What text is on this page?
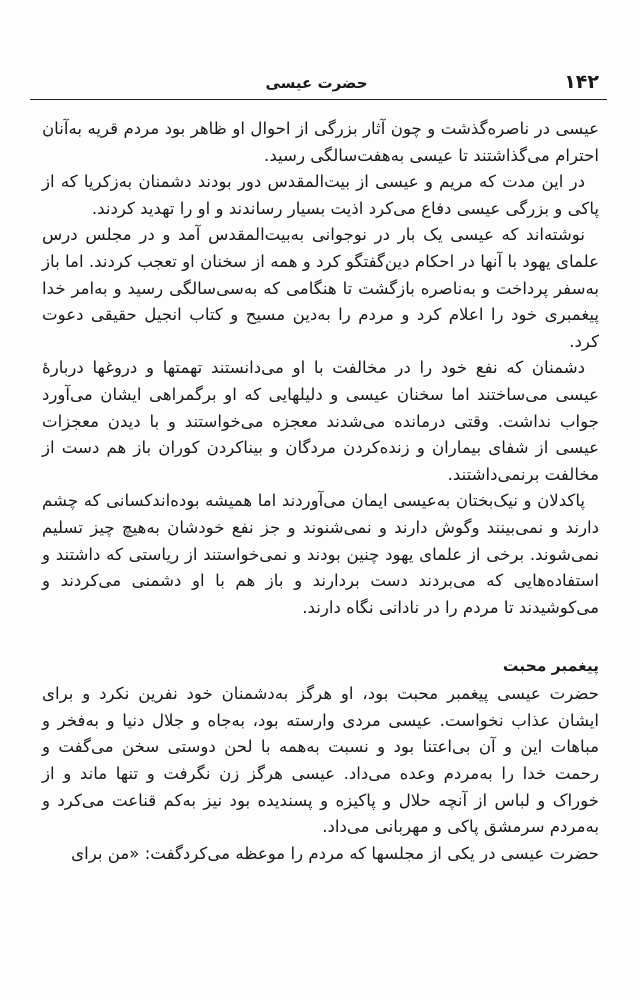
۱۴۲
حضرت عیسی

عیسی در ناصره‌گذشت و چون آثار بزرگی از احوال او ظاهر بود مردم قریه به‌آنان احترام می‌گذاشتند تا عیسی به‌هفت‌سالگی رسید.

در این مدت که مریم و عیسی از بیت‌المقدس دور بودند دشمنان به‌زکریا که از پاکی و بزرگی عیسی دفاع می‌کرد اذیت بسیار رساندند و او را تهدید کردند.

نوشته‌اند که عیسی یک بار در نوجوانی به‌بیت‌المقدس آمد و در مجلس درس علمای یهود با آنها در احکام دین‌گفتگو کرد و همه از سخنان او تعجب کردند. اما باز به‌سفر پرداخت و به‌ناصره بازگشت تا هنگامی که به‌سی‌سالگی رسید و به‌امر خدا پیغمبری خود را اعلام کرد و مردم را به‌دین مسیح و کتاب انجیل حقیقی دعوت کرد.

دشمنان که نفع خود را در مخالفت با او می‌دانستند تهمتها و دروغها دربارهٔ عیسی می‌ساختند اما سخنان عیسی و دلیلهایی که او برگمراهی ایشان می‌آورد جواب نداشت. وقتی درمانده می‌شدند معجزه می‌خواستند و با دیدن معجزات عیسی از شفای بیماران و زنده‌کردن مردگان و بیناکردن کوران باز هم دست از مخالفت برنمی‌داشتند.

پاکدلان و نیک‌بختان به‌عیسی ایمان می‌آوردند اما همیشه بوده‌اندکسانی که چشم دارند و نمی‌بینند وگوش دارند و نمی‌شنوند و جز نفع خودشان به‌هیچ چیز تسلیم نمی‌شوند. برخی از علمای یهود چنین بودند و نمی‌خواستند از ریاستی که داشتند و استفاده‌هایی که می‌بردند دست بردارند و باز هم با او دشمنی می‌کردند و می‌کوشیدند تا مردم را در نادانی نگاه دارند.

پیغمبر محبت

حضرت عیسی پیغمبر محبت بود، او هرگز به‌دشمنان خود نفرین نکرد و برای ایشان عذاب نخواست. عیسی مردی وارسته بود، به‌جاه و جلال دنیا و به‌فخر و مباهات این و آن بی‌اعتنا بود و نسبت به‌همه با لحن دوستی سخن می‌گفت و رحمت خدا را به‌مردم وعده می‌داد. عیسی هرگز زن نگرفت و تنها ماند و از خوراک و لباس از آنچه حلال و پاکیزه و پسندیده بود نیز به‌کم قناعت می‌کرد و به‌مردم سرمشق پاکی و مهربانی می‌داد.

حضرت عیسی در یکی از مجلسها که مردم را موعظه می‌کردگفت: «من برای
